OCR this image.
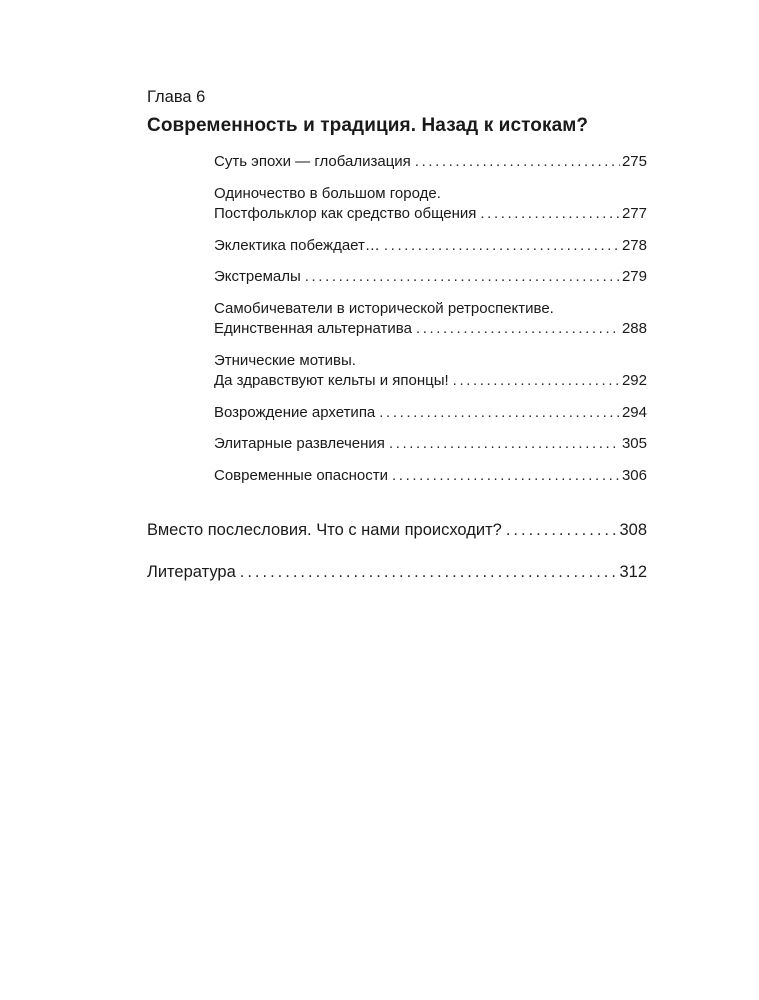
Глава 6

Современность и традиция. Назад к истокам?
Суть эпохи — глобализация .....	275
Одиночество в большом городе.
Постфольклор как средство общения .....	277
Эклектика побеждает… .....	278
Экстремалы .....	279
Самобичеватели в исторической ретроспективе.
Единственная альтернатива .....	288
Этнические мотивы.
Да здравствуют кельты и японцы! .....	292
Возрождение архетипа .....	294
Элитарные развлечения .....	305
Современные опасности .....	306
Вместо послесловия. Что с нами происходит? .....	308
Литература .....	312
